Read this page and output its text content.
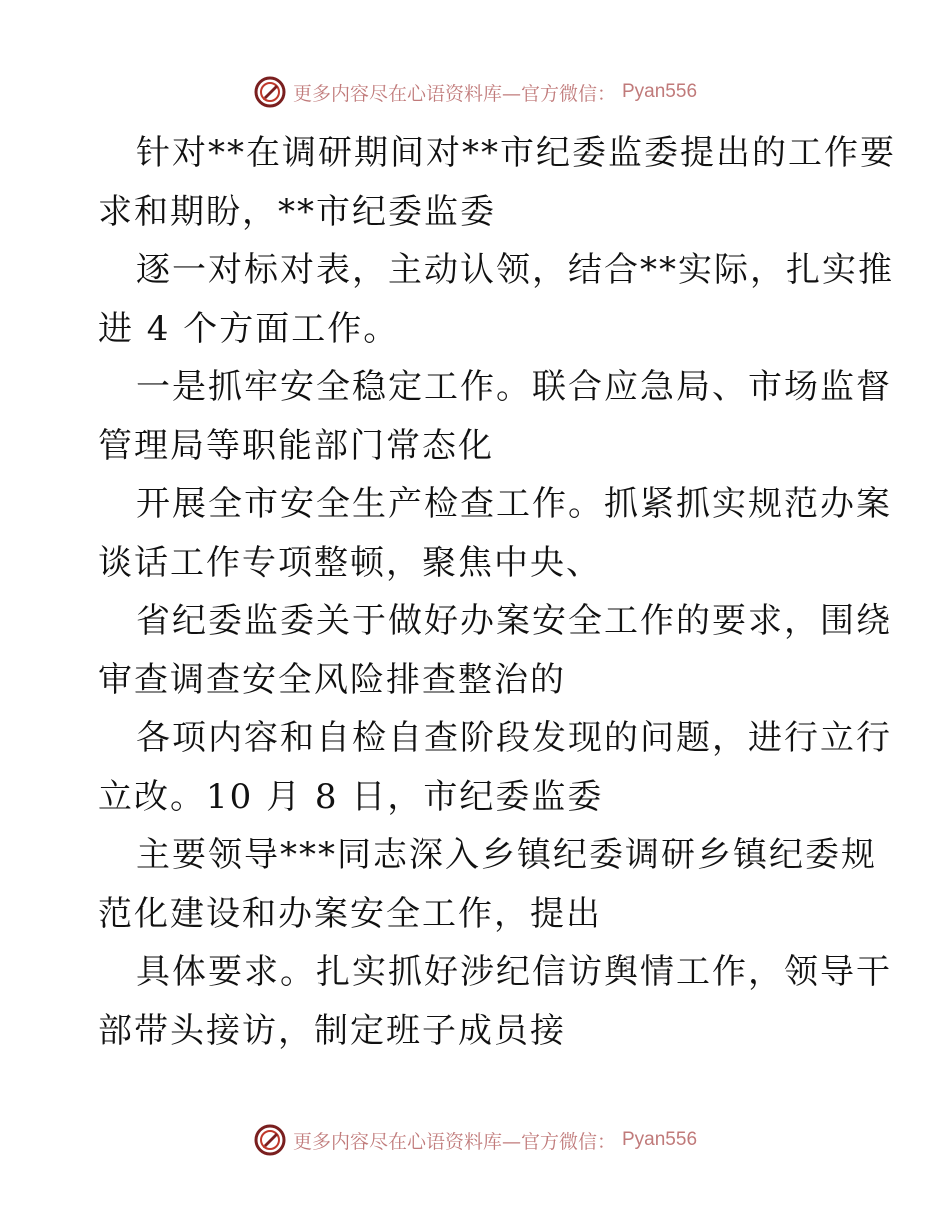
更多内容尽在心语资料库—官方微信： Pyan556
针对**在调研期间对**市纪委监委提出的工作要
求和期盼，**市纪委监委
逐一对标对表，主动认领，结合**实际，扎实推
进 4 个方面工作。
一是抓牢安全稳定工作。联合应急局、市场监督
管理局等职能部门常态化
开展全市安全生产检查工作。抓紧抓实规范办案
谈话工作专项整顿，聚焦中央、
省纪委监委关于做好办案安全工作的要求，围绕
审查调查安全风险排查整治的
各项内容和自检自查阶段发现的问题，进行立行
立改。10 月 8 日，市纪委监委
主要领导***同志深入乡镇纪委调研乡镇纪委规
范化建设和办案安全工作，提出
具体要求。扎实抓好涉纪信访舆情工作，领导干
部带头接访，制定班子成员接
更多内容尽在心语资料库—官方微信： Pyan556
